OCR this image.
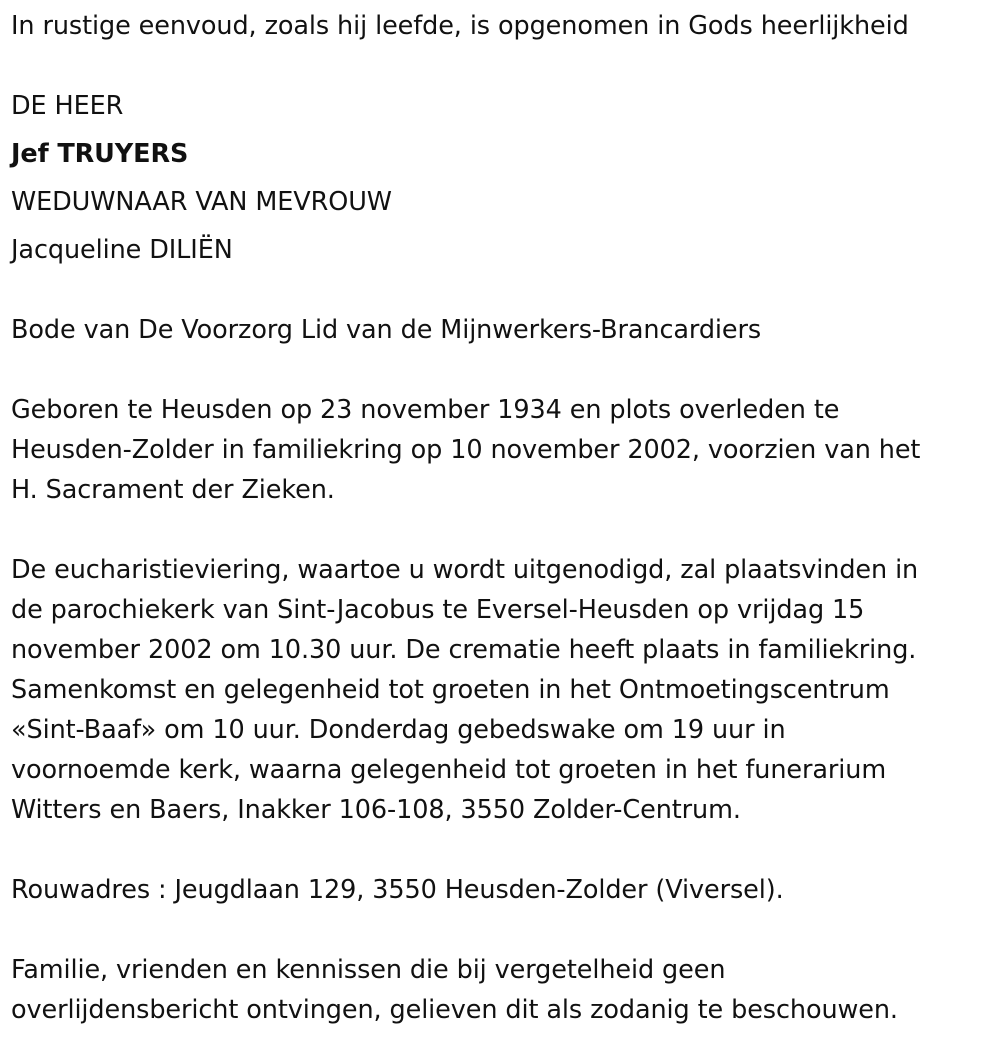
In rustige eenvoud, zoals hij leefde, is opgenomen in Gods heerlijkheid

DE HEER

Jef TRUYERS

WEDUWNAAR VAN MEVROUW

Jacqueline DILIËN

Bode van De Voorzorg Lid van de Mijnwerkers-Brancardiers

Geboren te Heusden op 23 november 1934 en plots overleden te

Heusden-Zolder in familiekring op 10 november 2002, voorzien van het

H. Sacrament der Zieken.

De eucharistieviering, waartoe u wordt uitgenodigd, zal plaatsvinden in

de parochiekerk van Sint-Jacobus te Eversel-Heusden op vrijdag 15

november 2002 om 10.30 uur. De crematie heeft plaats in familiekring.

Samenkomst en gelegenheid tot groeten in het Ontmoetingscentrum

«Sint-Baaf» om 10 uur. Donderdag gebedswake om 19 uur in

voornoemde kerk, waarna gelegenheid tot groeten in het funerarium

Witters en Baers, Inakker 106-108, 3550 Zolder-Centrum.

Rouwadres : Jeugdlaan 129, 3550 Heusden-Zolder (Viversel).

Familie, vrienden en kennissen die bij vergetelheid geen

overlijdensbericht ontvingen, gelieven dit als zodanig te beschouwen.
